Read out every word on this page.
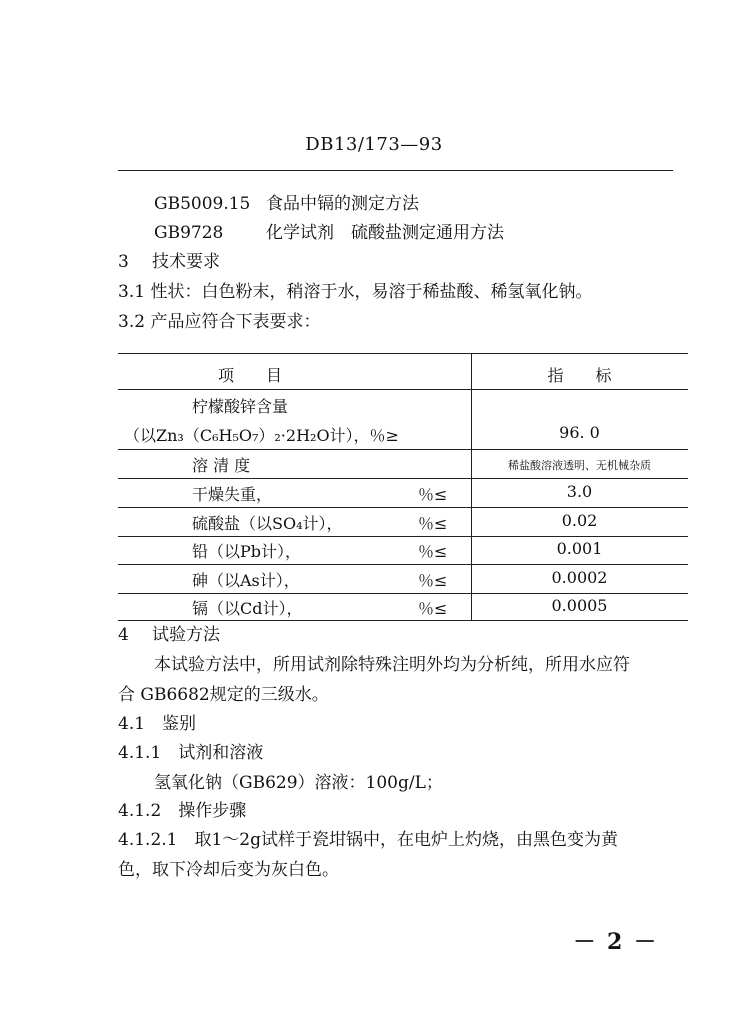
DB13/173—93
GB5009.15 食品中镉的测定方法
GB9728	化学试剂　硫酸盐测定通用方法
3 技术要求
3.1 性状：白色粉末，稍溶于水，易溶于稀盐酸、稀氢氧化钠。
3.2 产品应符合下表要求：
项　　目	指　　标
柠檬酸锌含量
（以Zn₃（C₆H₅O₇）₂·2H₂O计），％≥	96. 0
溶 清 度	稀盐酸溶液透明、无机械杂质
干燥失重，	％≤	3.0
硫酸盐（以SO₄计），	％≤	0.02
铅（以Pb计），	％≤	0.001
砷（以As计），	％≤	0.0002
镉（以Cd计），	％≤	0.0005
4 试验方法
本试验方法中，所用试剂除特殊注明外均为分析纯，所用水应符
合 GB6682规定的三级水。
4.1　鉴别
4.1.1　试剂和溶液
氢氧化钠（GB629）溶液：100g/L；
4.1.2　操作步骤
4.1.2.1　取1～2g试样于瓷坩锅中，在电炉上灼烧，由黑色变为黄
色，取下冷却后变为灰白色。
－ 2 －
